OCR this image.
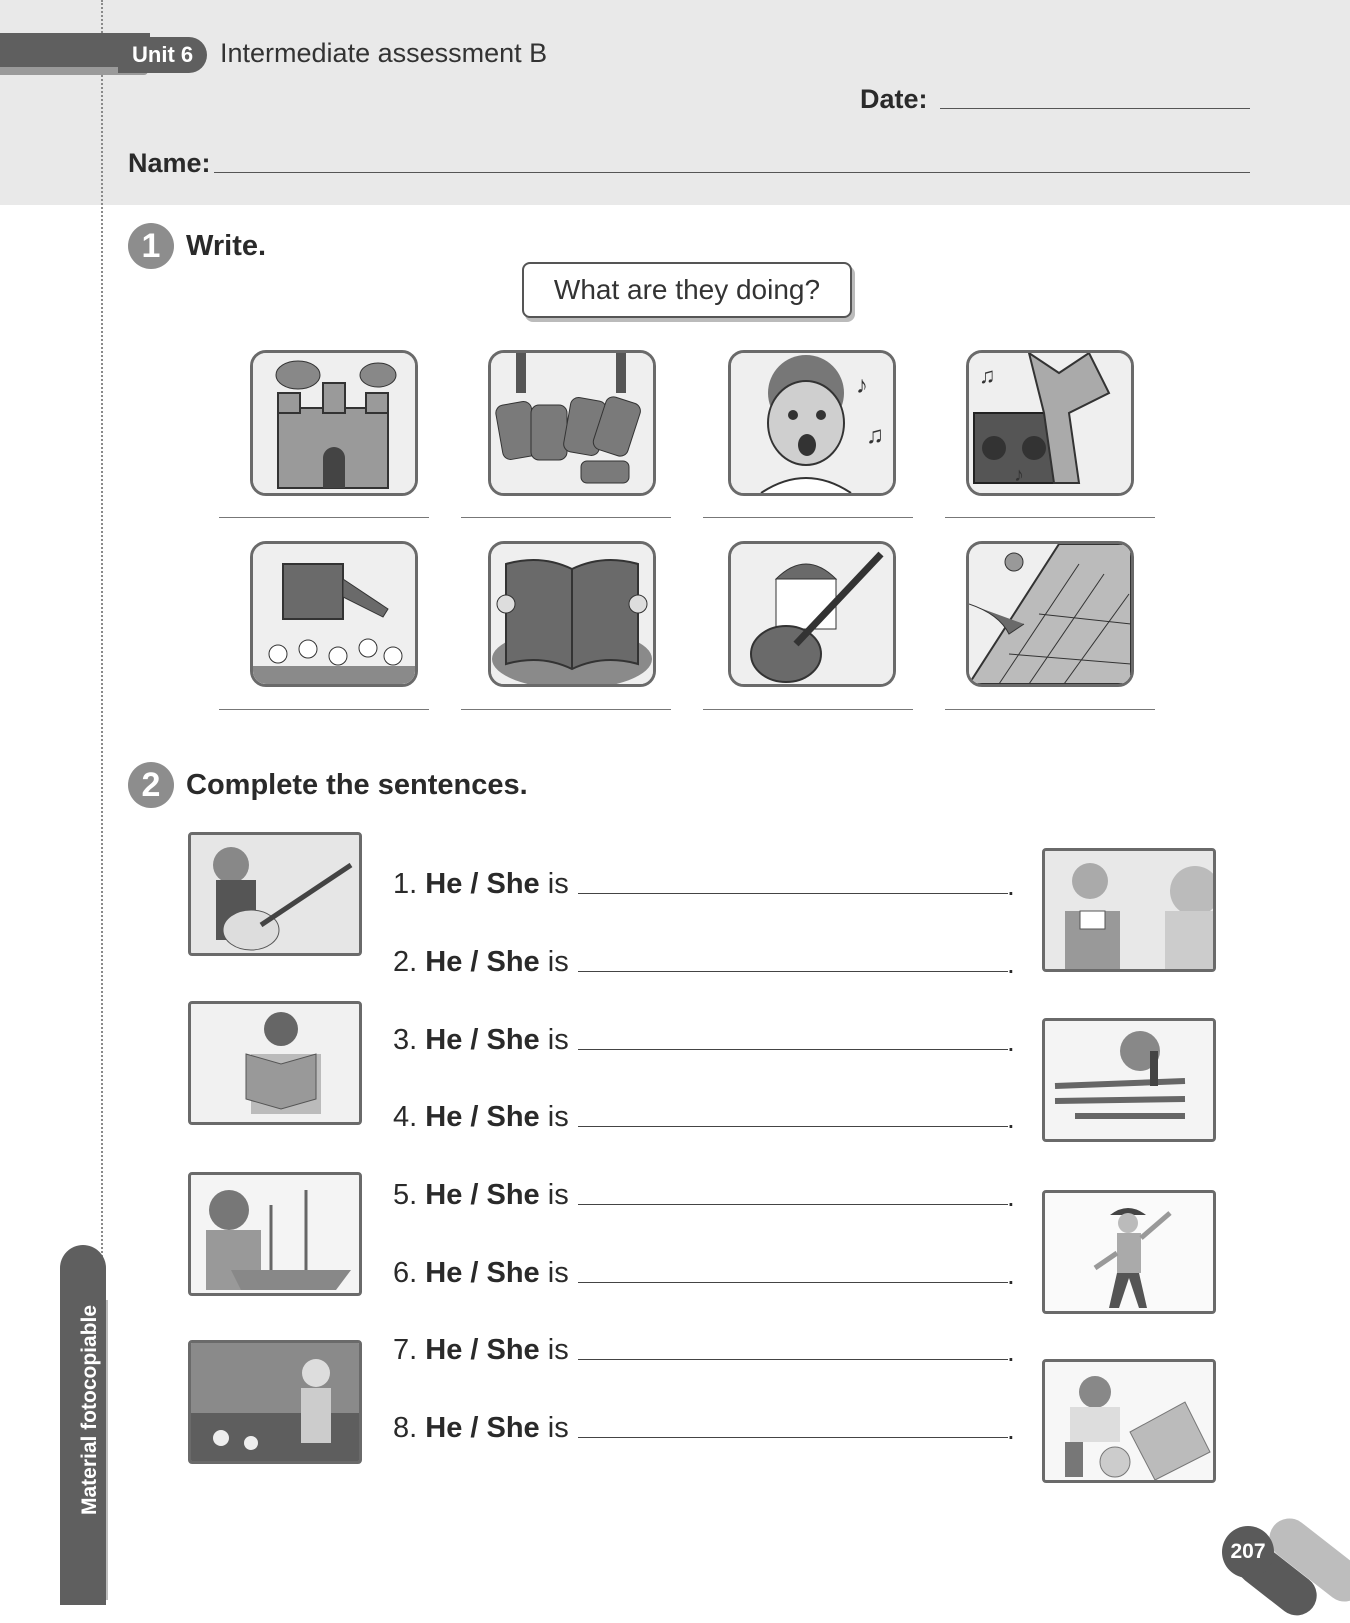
Unit 6 Intermediate assessment B
Date:
Name:
1 Write.
What are they doing?
♪
♫
♫
♪
2 Complete the sentences.
1. He / She is	.
2. He / She is	.
3. He / She is	.
4. He / She is	.
5. He / She is	.
6. He / She is	.
7. He / She is	.
8. He / She is	.
Material fotocopiable
207
